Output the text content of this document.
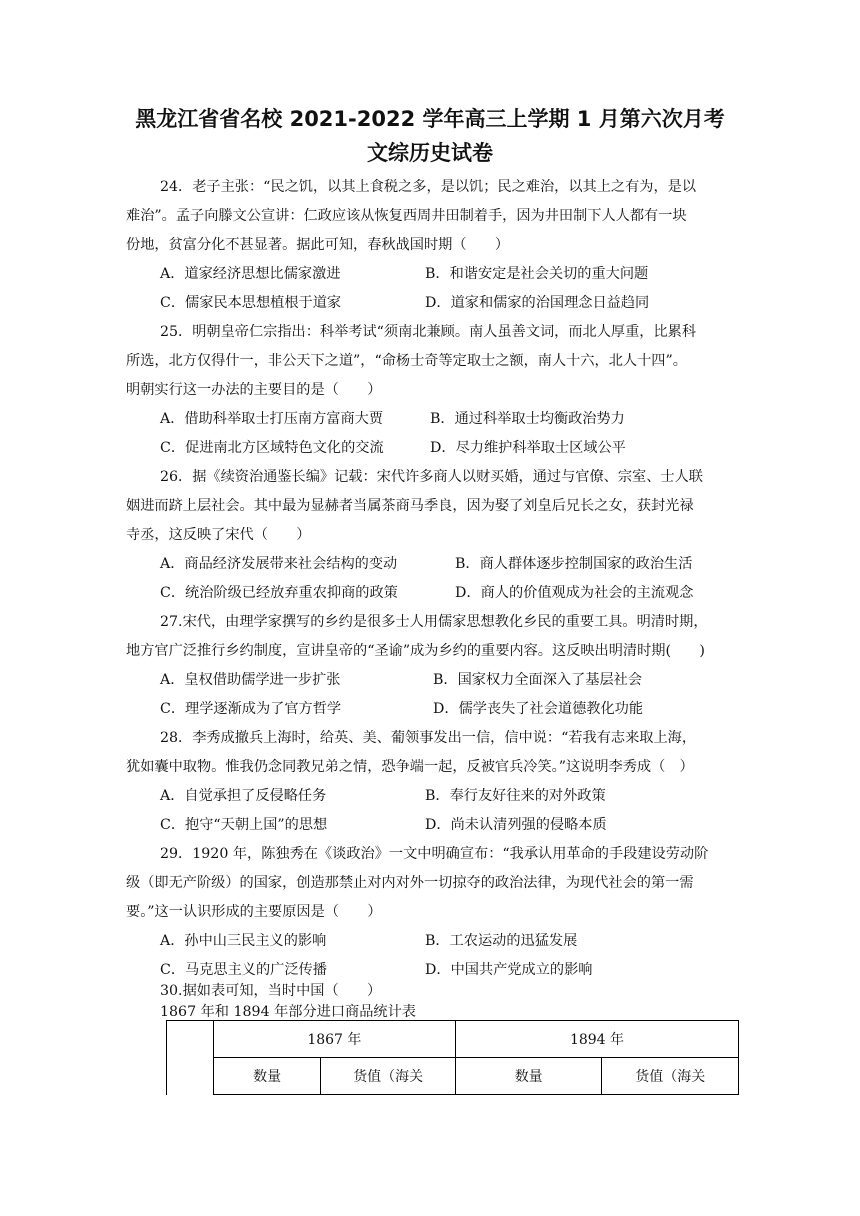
黑龙江省省名校 2021-2022 学年高三上学期 1 月第六次月考
文综历史试卷
24．老子主张：“民之饥，以其上食税之多，是以饥；民之难治，以其上之有为，是以
难治”。孟子向滕文公宣讲：仁政应该从恢复西周井田制着手，因为井田制下人人都有一块
份地，贫富分化不甚显著。据此可知，春秋战国时期（　　）
A．道家经济思想比儒家激进	B．和谐安定是社会关切的重大问题
C．儒家民本思想植根于道家	D．道家和儒家的治国理念日益趋同
25．明朝皇帝仁宗指出：科举考试“须南北兼顾。南人虽善文词，而北人厚重，比累科
所选，北方仅得什一，非公天下之道”，“命杨士奇等定取士之额，南人十六，北人十四”。
明朝实行这一办法的主要目的是（　　）
A．借助科举取士打压南方富商大贾	B．通过科举取士均衡政治势力
C．促进南北方区域特色文化的交流	D．尽力维护科举取士区域公平
26．据《续资治通鉴长编》记载：宋代许多商人以财买婚，通过与官僚、宗室、士人联
姻进而跻上层社会。其中最为显赫者当属茶商马季良，因为娶了刘皇后兄长之女，获封光禄
寺丞，这反映了宋代（　　）
A．商品经济发展带来社会结构的变动	B．商人群体逐步控制国家的政治生活
C．统治阶级已经放弃重农抑商的政策	D．商人的价值观成为社会的主流观念
27.宋代，由理学家撰写的乡约是很多士人用儒家思想教化乡民的重要工具。明清时期，
地方官广泛推行乡约制度，宣讲皇帝的“圣谕”成为乡约的重要内容。这反映出明清时期(　　)
A．皇权借助儒学进一步扩张	B．国家权力全面深入了基层社会
C．理学逐渐成为了官方哲学	D．儒学丧失了社会道德教化功能
28．李秀成撤兵上海时，给英、美、葡领事发出一信，信中说：“若我有志来取上海，
犹如囊中取物。惟我仍念同教兄弟之情，恐争端一起，反被官兵冷笑。”这说明李秀成（　）
A．自觉承担了反侵略任务	B．奉行友好往来的对外政策
C．抱守“天朝上国”的思想	D．尚未认清列强的侵略本质
29．1920 年，陈独秀在《谈政治》一文中明确宣布：“我承认用革命的手段建设劳动阶
级（即无产阶级）的国家，创造那禁止对内对外一切掠夺的政治法律，为现代社会的第一需
要。”这一认识形成的主要原因是（　　）
A．孙中山三民主义的影响	B．工农运动的迅猛发展
C．马克思主义的广泛传播	D．中国共产党成立的影响
30.据如表可知，当时中国（　　）
1867 年和 1894 年部分进口商品统计表
	1867 年		1894 年	
	数量	货值（海关	数量	货值（海关
